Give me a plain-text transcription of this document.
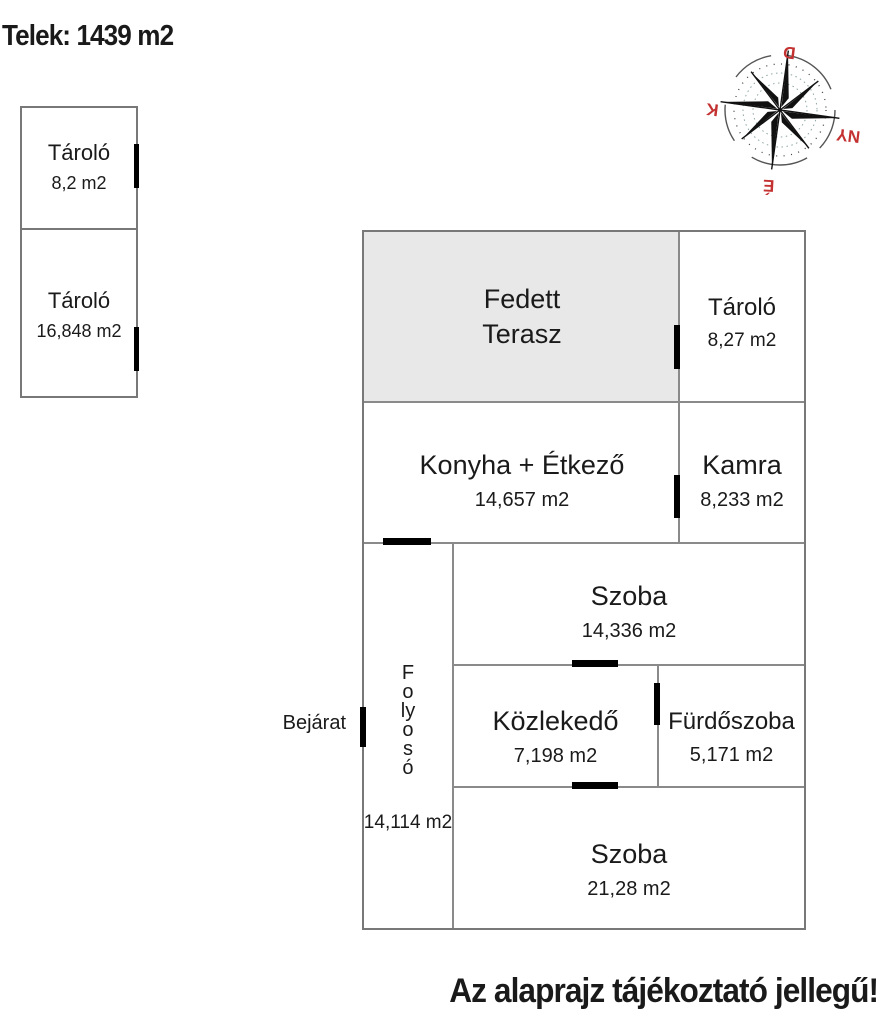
Telek: 1439 m2
D
NY
É
K
Tároló
8,2 m2
Tároló
16,848 m2
Bejárat
Fedett
Terasz
Tároló
8,27 m2
Konyha + Étkező
14,657 m2
Kamra
8,233 m2
Szoba
14,336 m2
Közlekedő
7,198 m2
Fürdőszoba
5,171 m2
Szoba
21,28 m2
Folyosó
14,114 m2
Az alaprajz tájékoztató jellegű!
